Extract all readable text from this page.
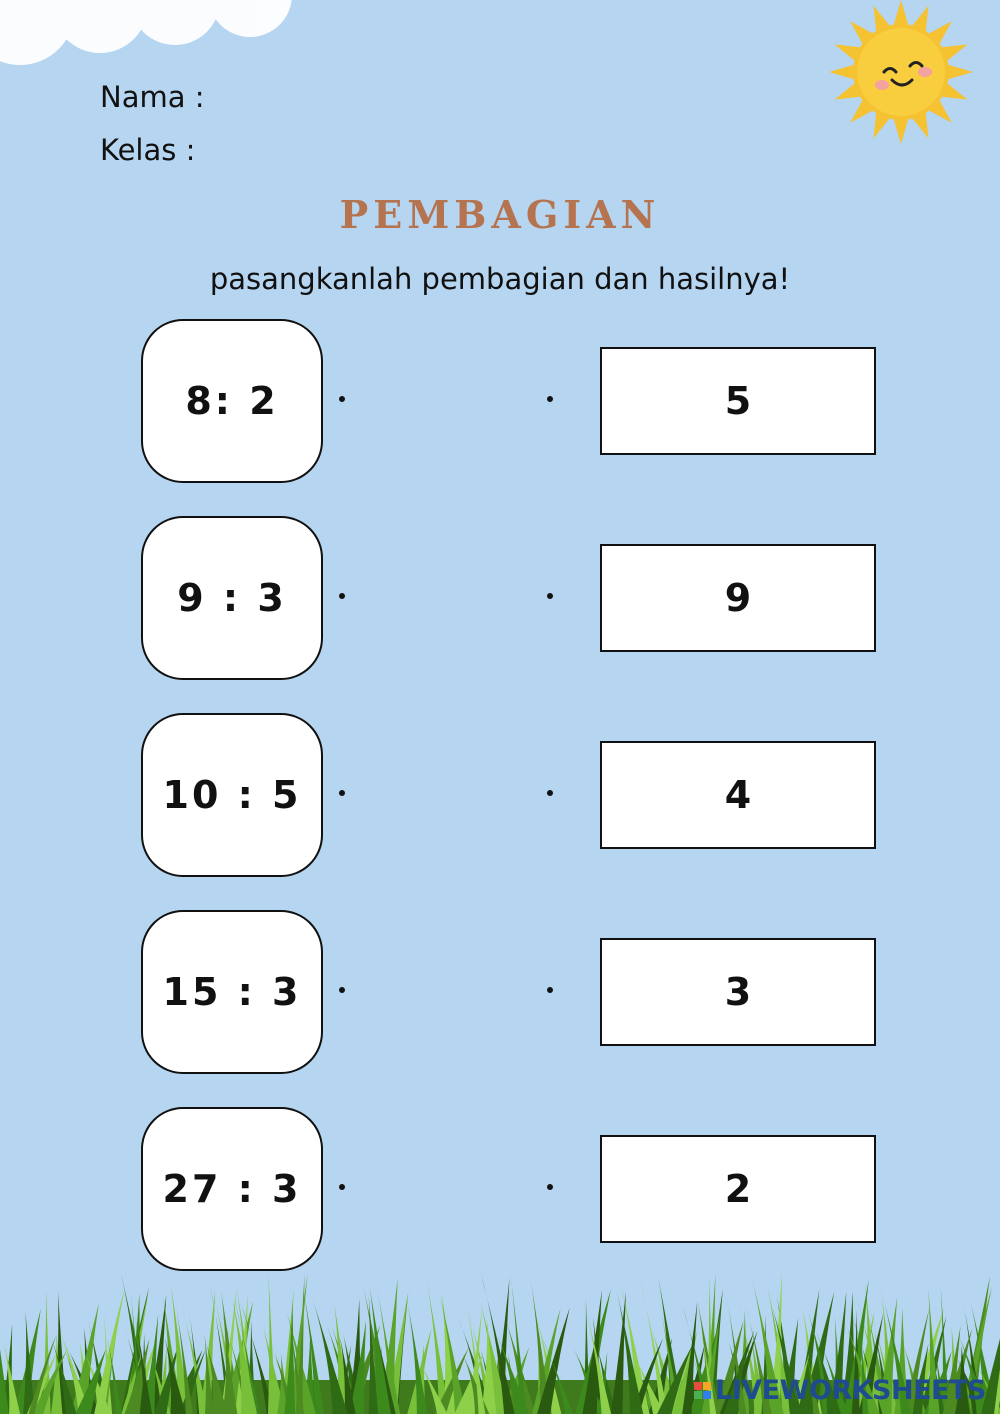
Nama :
Kelas :
PEMBAGIAN
pasangkanlah pembagian dan hasilnya!
8: 2	5
9 : 3	9
10 : 5	4
15 : 3	3
27 : 3	2
LIVEWORKSHEETS
